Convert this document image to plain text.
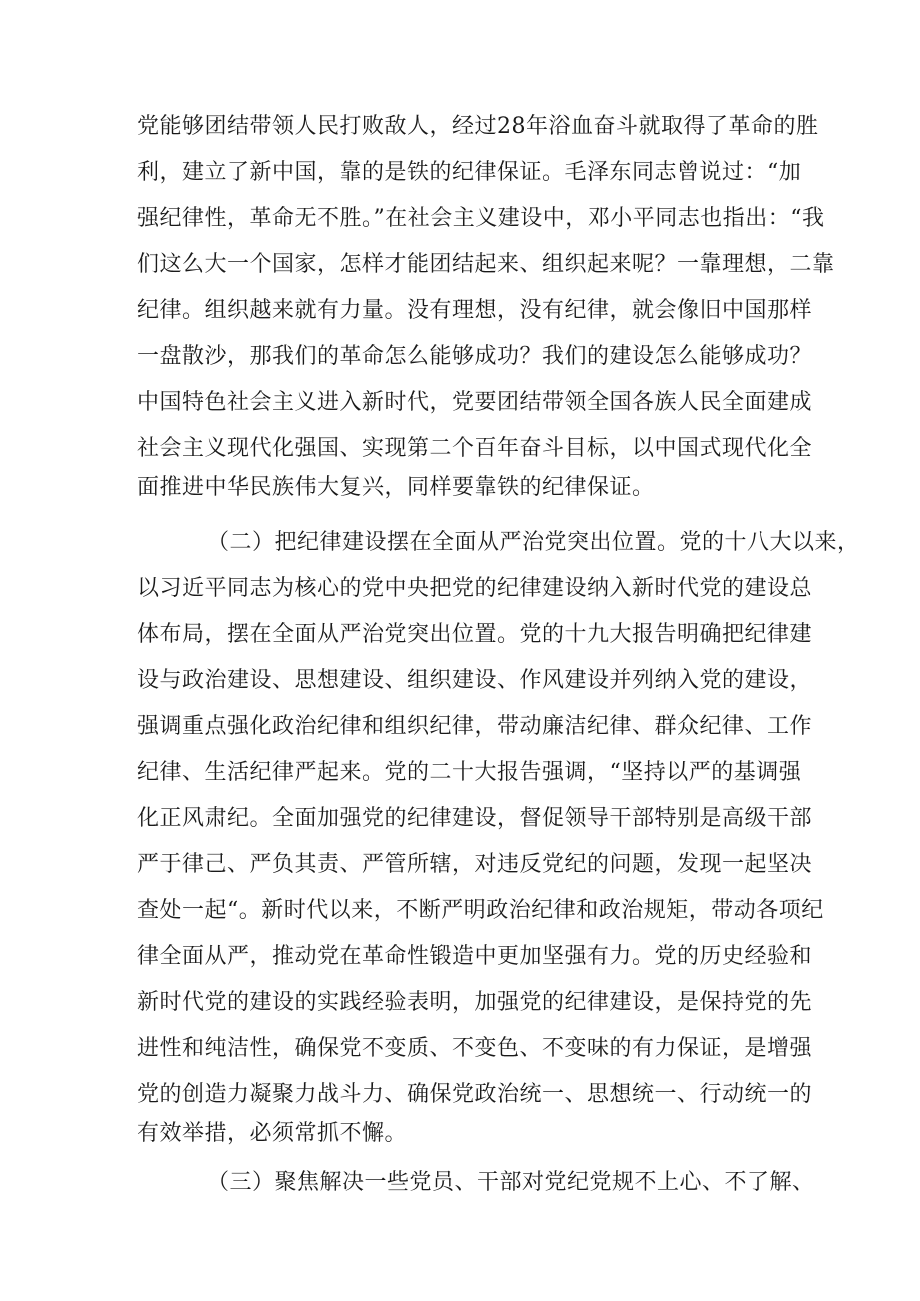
党能够团结带领人民打败敌人，经过28年浴血奋斗就取得了革命的胜
利，建立了新中国，靠的是铁的纪律保证。毛泽东同志曾说过：“加
强纪律性，革命无不胜。”在社会主义建设中，邓小平同志也指出：“我
们这么大一个国家，怎样才能团结起来、组织起来呢？一靠理想，二靠
纪律。组织越来就有力量。没有理想，没有纪律，就会像旧中国那样
一盘散沙，那我们的革命怎么能够成功？我们的建设怎么能够成功？
中国特色社会主义进入新时代，党要团结带领全国各族人民全面建成
社会主义现代化强国、实现第二个百年奋斗目标，以中国式现代化全
面推进中华民族伟大复兴，同样要靠铁的纪律保证。
（二）把纪律建设摆在全面从严治党突出位置。党的十八大以来，
以习近平同志为核心的党中央把党的纪律建设纳入新时代党的建设总
体布局，摆在全面从严治党突出位置。党的十九大报告明确把纪律建
设与政治建设、思想建设、组织建设、作风建设并列纳入党的建设，
强调重点强化政治纪律和组织纪律，带动廉洁纪律、群众纪律、工作
纪律、生活纪律严起来。党的二十大报告强调，“坚持以严的基调强
化正风肃纪。全面加强党的纪律建设，督促领导干部特别是高级干部
严于律己、严负其责、严管所辖，对违反党纪的问题，发现一起坚决
查处一起“。新时代以来，不断严明政治纪律和政治规矩，带动各项纪
律全面从严，推动党在革命性锻造中更加坚强有力。党的历史经验和
新时代党的建设的实践经验表明，加强党的纪律建设，是保持党的先
进性和纯洁性，确保党不变质、不变色、不变味的有力保证，是增强
党的创造力凝聚力战斗力、确保党政治统一、思想统一、行动统一的
有效举措，必须常抓不懈。
（三）聚焦解决一些党员、干部对党纪党规不上心、不了解、
